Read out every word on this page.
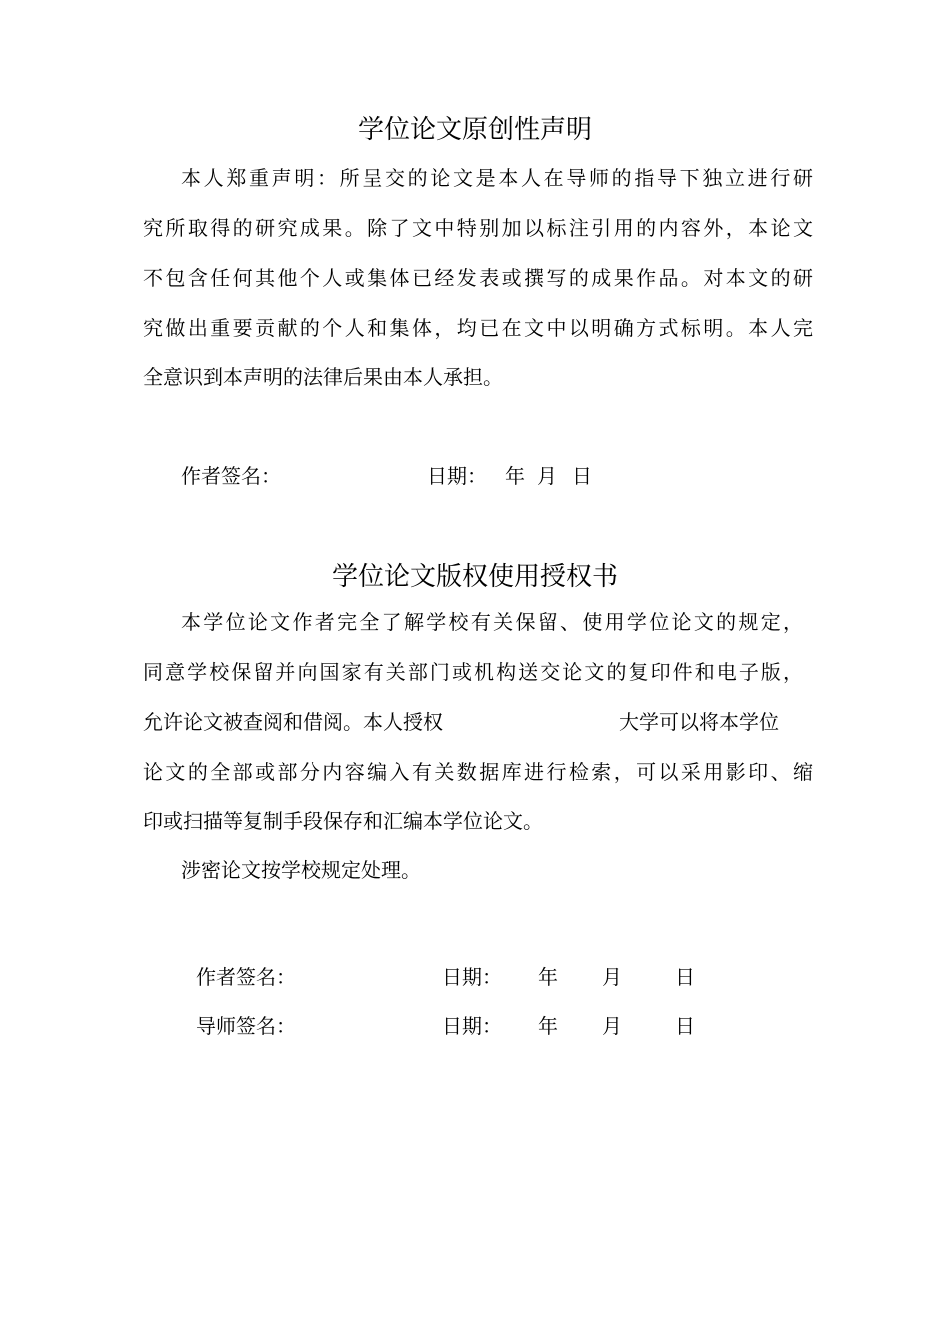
学位论文原创性声明
本人郑重声明：所呈交的论文是本人在导师的指导下独立进行研
究所取得的研究成果。除了文中特别加以标注引用的内容外，本论文
不包含任何其他个人或集体已经发表或撰写的成果作品。对本文的研
究做出重要贡献的个人和集体，均已在文中以明确方式标明。本人完
全意识到本声明的法律后果由本人承担。
作者签名：	日期： 年 月 日
学位论文版权使用授权书
本学位论文作者完全了解学校有关保留、使用学位论文的规定，
同意学校保留并向国家有关部门或机构送交论文的复印件和电子版，
允许论文被查阅和借阅。本人授权	大学可以将本学位
论文的全部或部分内容编入有关数据库进行检索，可以采用影印、缩
印或扫描等复制手段保存和汇编本学位论文。
涉密论文按学校规定处理。
作者签名：	日期： 年 月	日
导师签名：	日期： 年 月	日
